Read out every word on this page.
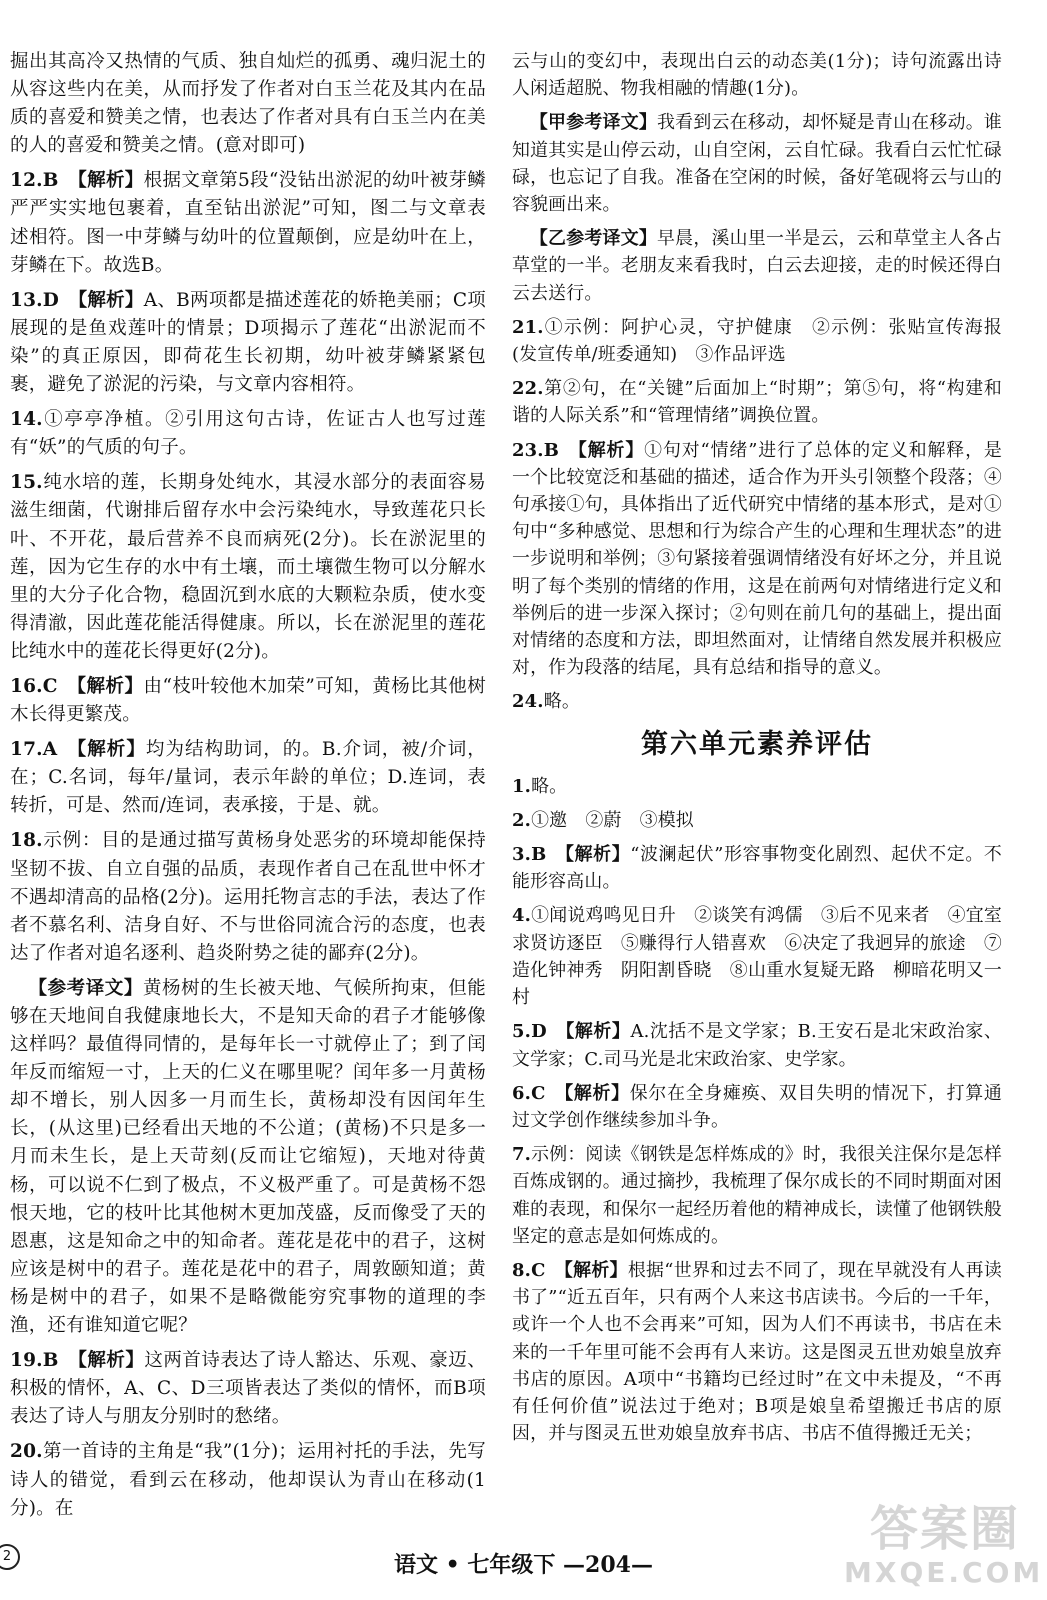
掘出其高冷又热情的气质、独自灿烂的孤勇、魂归泥土的从容这些内在美，从而抒发了作者对白玉兰花及其内在品质的喜爱和赞美之情，也表达了作者对具有白玉兰内在美的人的喜爱和赞美之情。(意对即可)

12.B  【解析】根据文章第5段“没钻出淤泥的幼叶被芽鳞严严实实地包裹着，直至钻出淤泥”可知，图二与文章表述相符。图一中芽鳞与幼叶的位置颠倒，应是幼叶在上，芽鳞在下。故选B。

13.D  【解析】A、B两项都是描述莲花的娇艳美丽；C项展现的是鱼戏莲叶的情景；D项揭示了莲花“出淤泥而不染”的真正原因，即荷花生长初期，幼叶被芽鳞紧紧包裹，避免了淤泥的污染，与文章内容相符。

14.①亭亭净植。②引用这句古诗，佐证古人也写过莲有“妖”的气质的句子。

15.纯水培的莲，长期身处纯水，其浸水部分的表面容易滋生细菌，代谢排后留存水中会污染纯水，导致莲花只长叶、不开花，最后营养不良而病死(2分)。长在淤泥里的莲，因为它生存的水中有土壤，而土壤微生物可以分解水里的大分子化合物，稳固沉到水底的大颗粒杂质，使水变得清澈，因此莲花能活得健康。所以，长在淤泥里的莲花比纯水中的莲花长得更好(2分)。

16.C  【解析】由“枝叶较他木加荣”可知，黄杨比其他树木长得更繁茂。

17.A  【解析】均为结构助词，的。B.介词，被/介词，在；C.名词，每年/量词，表示年龄的单位；D.连词，表转折，可是、然而/连词，表承接，于是、就。

18.示例：目的是通过描写黄杨身处恶劣的环境却能保持坚韧不拔、自立自强的品质，表现作者自己在乱世中怀才不遇却清高的品格(2分)。运用托物言志的手法，表达了作者不慕名利、洁身自好、不与世俗同流合污的态度，也表达了作者对追名逐利、趋炎附势之徒的鄙弃(2分)。

【参考译文】黄杨树的生长被天地、气候所拘束，但能够在天地间自我健康地长大，不是知天命的君子才能够像这样吗？最值得同情的，是每年长一寸就停止了；到了闰年反而缩短一寸，上天的仁义在哪里呢？闰年多一月黄杨却不增长，别人因多一月而生长，黄杨却没有因闰年生长，(从这里)已经看出天地的不公道；(黄杨)不只是多一月而未生长，是上天苛刻(反而让它缩短)，天地对待黄杨，可以说不仁到了极点，不义极严重了。可是黄杨不怨恨天地，它的枝叶比其他树木更加茂盛，反而像受了天的恩惠，这是知命之中的知命者。莲花是花中的君子，这树应该是树中的君子。莲花是花中的君子，周敦颐知道；黄杨是树中的君子，如果不是略微能穷究事物的道理的李渔，还有谁知道它呢？

19.B  【解析】这两首诗表达了诗人豁达、乐观、豪迈、积极的情怀，A、C、D三项皆表达了类似的情怀，而B项表达了诗人与朋友分别时的愁绪。

20.第一首诗的主角是“我”(1分)；运用衬托的手法，先写诗人的错觉，看到云在移动，他却误认为青山在移动(1分)。在

云与山的变幻中，表现出白云的动态美(1分)；诗句流露出诗人闲适超脱、物我相融的情趣(1分)。

【甲参考译文】我看到云在移动，却怀疑是青山在移动。谁知道其实是山停云动，山自空闲，云自忙碌。我看白云忙忙碌碌，也忘记了自我。准备在空闲的时候，备好笔砚将云与山的容貌画出来。

【乙参考译文】早晨，溪山里一半是云，云和草堂主人各占草堂的一半。老朋友来看我时，白云去迎接，走的时候还得白云去送行。

21.①示例：阿护心灵，守护健康　②示例：张贴宣传海报(发宣传单/班委通知)　③作品评选

22.第②句，在“关键”后面加上“时期”；第⑤句，将“构建和谐的人际关系”和“管理情绪”调换位置。

23.B  【解析】①句对“情绪”进行了总体的定义和解释，是一个比较宽泛和基础的描述，适合作为开头引领整个段落；④句承接①句，具体指出了近代研究中情绪的基本形式，是对①句中“多种感觉、思想和行为综合产生的心理和生理状态”的进一步说明和举例；③句紧接着强调情绪没有好坏之分，并且说明了每个类别的情绪的作用，这是在前两句对情绪进行定义和举例后的进一步深入探讨；②句则在前几句的基础上，提出面对情绪的态度和方法，即坦然面对，让情绪自然发展并积极应对，作为段落的结尾，具有总结和指导的意义。

24.略。

第六单元素养评估

1.略。

2.①邀　②蔚　③模拟

3.B  【解析】“波澜起伏”形容事物变化剧烈、起伏不定。不能形容高山。

4.①闻说鸡鸣见日升　②谈笑有鸿儒　③后不见来者　④宜室求贤访逐臣　⑤赚得行人错喜欢　⑥决定了我迥异的旅途　⑦造化钟神秀　阴阳割昏晓　⑧山重水复疑无路　柳暗花明又一村

5.D  【解析】A.沈括不是文学家；B.王安石是北宋政治家、文学家；C.司马光是北宋政治家、史学家。

6.C  【解析】保尔在全身瘫痪、双目失明的情况下，打算通过文学创作继续参加斗争。

7.示例：阅读《钢铁是怎样炼成的》时，我很关注保尔是怎样百炼成钢的。通过摘抄，我梳理了保尔成长的不同时期面对困难的表现，和保尔一起经历着他的精神成长，读懂了他钢铁般坚定的意志是如何炼成的。

8.C  【解析】根据“世界和过去不同了，现在早就没有人再读书了”“近五百年，只有两个人来这书店读书。今后的一千年，或许一个人也不会再来”可知，因为人们不再读书，书店在未来的一千年里可能不会再有人来访。这是图灵五世劝娘皇放弃书店的原因。A项中“书籍均已经过时”在文中未提及，“不再有任何价值”说法过于绝对；B项是娘皇希望搬迁书店的原因，并与图灵五世劝娘皇放弃书店、书店不值得搬迁无关；

2	语文 • 七年级下 —204—
答案圈
MXQE.COM
